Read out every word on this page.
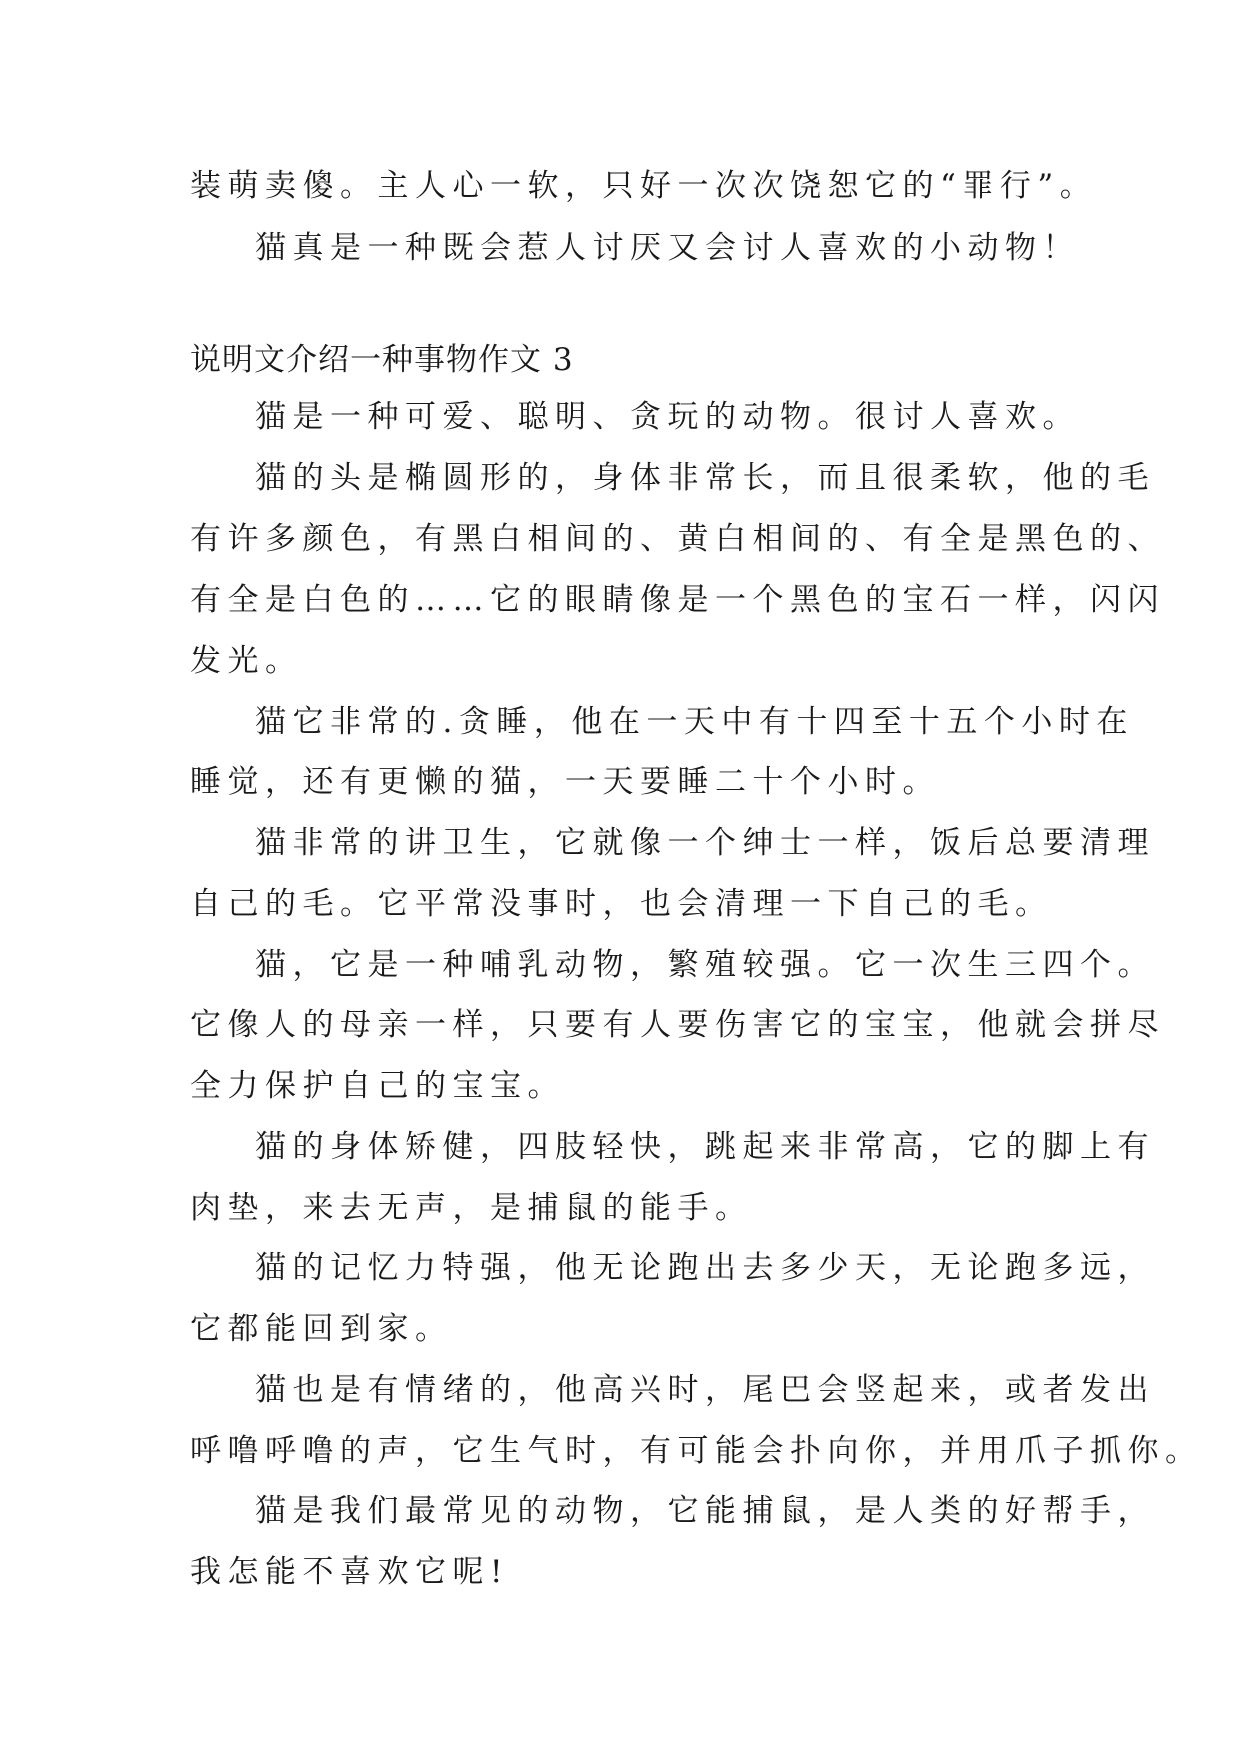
装萌卖傻。主人心一软，只好一次次饶恕它的“罪行”。
猫真是一种既会惹人讨厌又会讨人喜欢的小动物！
说明文介绍一种事物作文 3
猫是一种可爱、聪明、贪玩的动物。很讨人喜欢。
猫的头是椭圆形的，身体非常长，而且很柔软，他的毛
有许多颜色，有黑白相间的、黄白相间的、有全是黑色的、
有全是白色的……它的眼睛像是一个黑色的宝石一样，闪闪
发光。
猫它非常的.贪睡，他在一天中有十四至十五个小时在
睡觉，还有更懒的猫，一天要睡二十个小时。
猫非常的讲卫生，它就像一个绅士一样，饭后总要清理
自己的毛。它平常没事时，也会清理一下自己的毛。
猫，它是一种哺乳动物，繁殖较强。它一次生三四个。
它像人的母亲一样，只要有人要伤害它的宝宝，他就会拼尽
全力保护自己的宝宝。
猫的身体矫健，四肢轻快，跳起来非常高，它的脚上有
肉垫，来去无声，是捕鼠的能手。
猫的记忆力特强，他无论跑出去多少天，无论跑多远，
它都能回到家。
猫也是有情绪的，他高兴时，尾巴会竖起来，或者发出
呼噜呼噜的声，它生气时，有可能会扑向你，并用爪子抓你。
猫是我们最常见的动物，它能捕鼠，是人类的好帮手，
我怎能不喜欢它呢!
